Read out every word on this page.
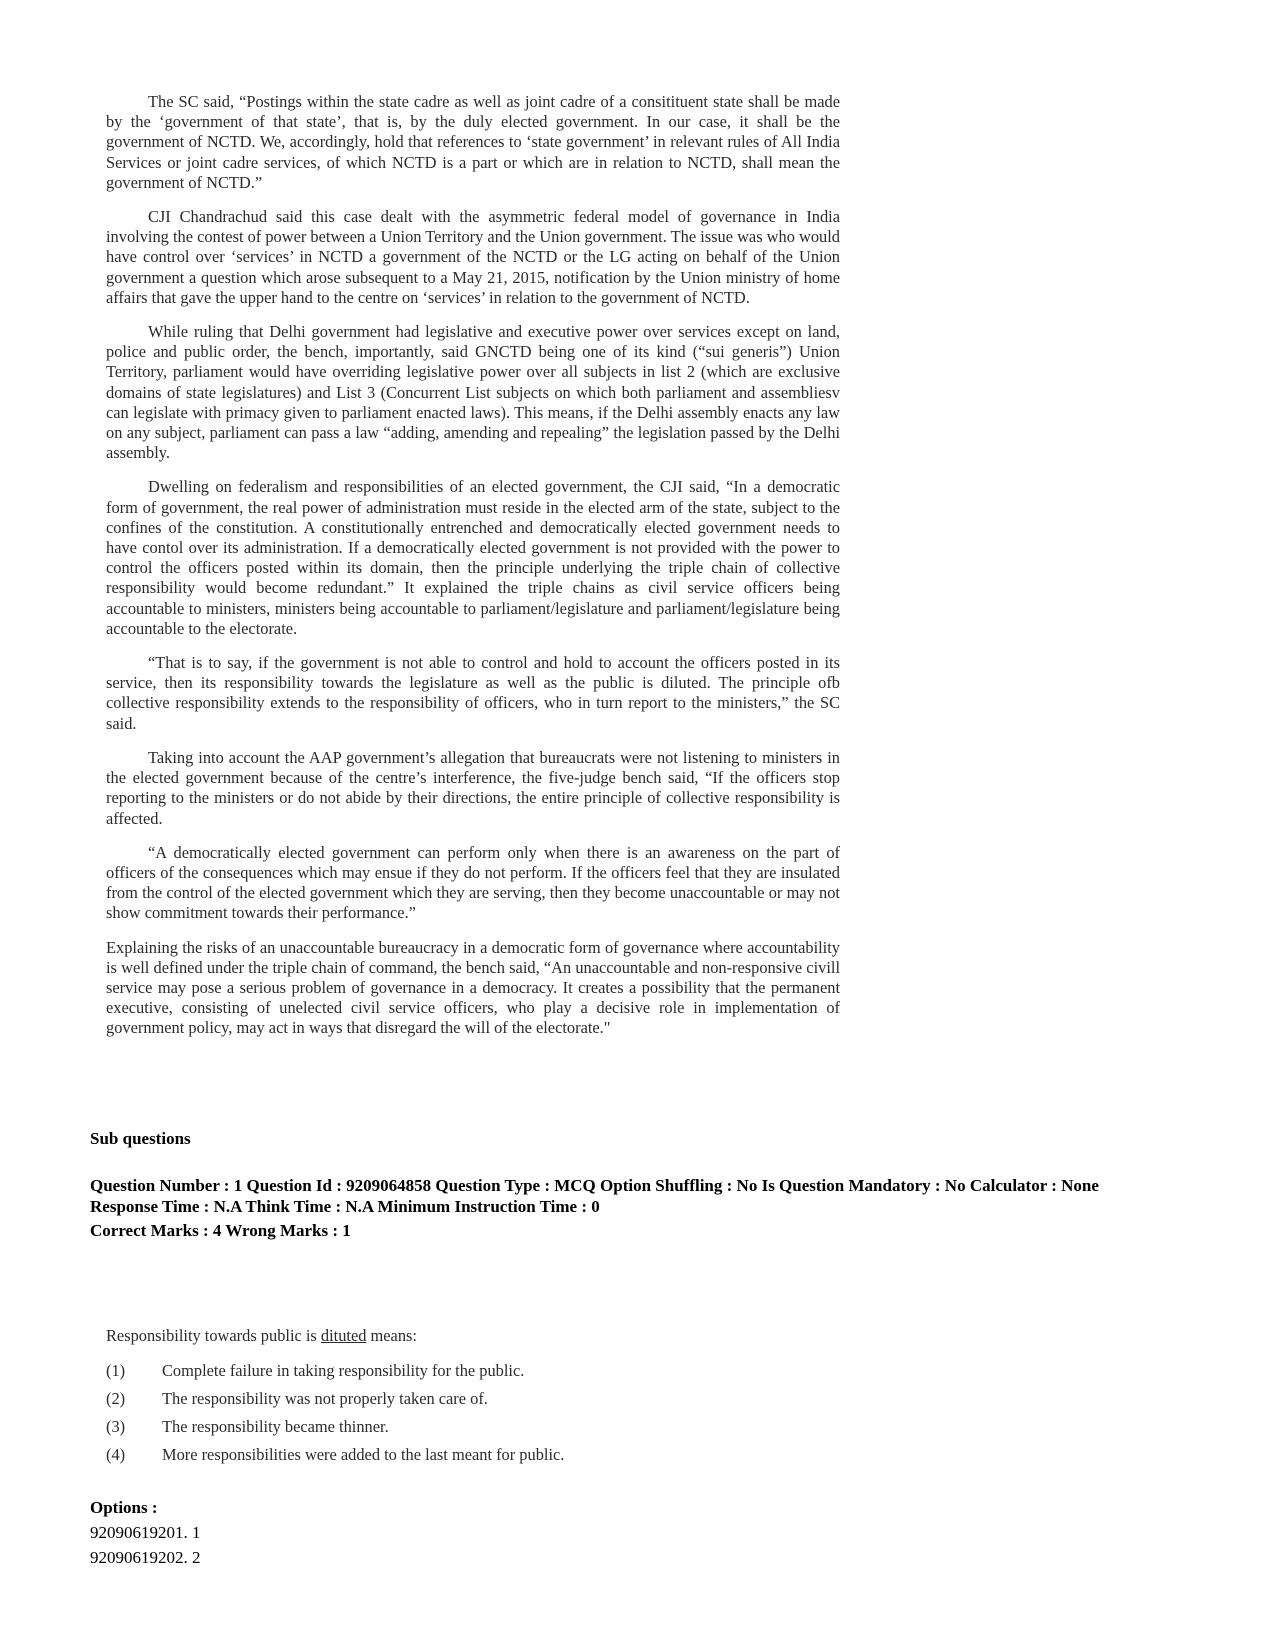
The SC said, “Postings within the state cadre as well as joint cadre of a consitituent state shall be made by the ‘government of that state’, that is, by the duly elected government. In our case, it shall be the government of NCTD. We, accordingly, hold that references to ‘state government’ in relevant rules of All India Services or joint cadre services, of which NCTD is a part or which are in relation to NCTD, shall mean the government of NCTD.”

CJI Chandrachud said this case dealt with the asymmetric federal model of governance in India involving the contest of power between a Union Territory and the Union government. The issue was who would have control over ‘services’ in NCTD a government of the NCTD or the LG acting on behalf of the Union government a question which arose subsequent to a May 21, 2015, notification by the Union ministry of home affairs that gave the upper hand to the centre on ‘services’ in relation to the government of NCTD.

While ruling that Delhi government had legislative and executive power over services except on land, police and public order, the bench, importantly, said GNCTD being one of its kind (“sui generis”) Union Territory, parliament would have overriding legislative power over all subjects in list 2 (which are exclusive domains of state legislatures) and List 3 (Concurrent List subjects on which both parliament and assembliesv can legislate with primacy given to parliament enacted laws). This means, if the Delhi assembly enacts any law on any subject, parliament can pass a law “adding, amending and repealing” the legislation passed by the Delhi assembly.

Dwelling on federalism and responsibilities of an elected government, the CJI said, “In a democratic form of government, the real power of administration must reside in the elected arm of the state, subject to the confines of the constitution. A constitutionally entrenched and democratically elected government needs to have contol over its administration. If a democratically elected government is not provided with the power to control the officers posted within its domain, then the principle underlying the triple chain of collective responsibility would become redundant.” It explained the triple chains as civil service officers being accountable to ministers, ministers being accountable to parliament/legislature and parliament/legislature being accountable to the electorate.

“That is to say, if the government is not able to control and hold to account the officers posted in its service, then its responsibility towards the legislature as well as the public is diluted. The principle ofb collective responsibility extends to the responsibility of officers, who in turn report to the ministers,” the SC said.

Taking into account the AAP government’s allegation that bureaucrats were not listening to ministers in the elected government because of the centre’s interference, the five-judge bench said, “If the officers stop reporting to the ministers or do not abide by their directions, the entire principle of collective responsibility is affected.

“A democratically elected government can perform only when there is an awareness on the part of officers of the consequences which may ensue if they do not perform. If the officers feel that they are insulated from the control of the elected government which they are serving, then they become unaccountable or may not show commitment towards their performance.”

Explaining the risks of an unaccountable bureaucracy in a democratic form of governance where accountability is well defined under the triple chain of command, the bench said, “An unaccountable and non-responsive civill service may pose a serious problem of governance in a democracy. It creates a possibility that the permanent executive, consisting of unelected civil service officers, who play a decisive role in implementation of government policy, may act in ways that disregard the will of the electorate."

Sub questions
Question Number : 1 Question Id : 9209064858 Question Type : MCQ Option Shuffling : No Is Question Mandatory : No Calculator : None
Response Time : N.A Think Time : N.A Minimum Instruction Time : 0
Correct Marks : 4 Wrong Marks : 1
Responsibility towards public is dituted means:
(1)	Complete failure in taking responsibility for the public.
(2)	The responsibility was not properly taken care of.
(3)	The responsibility became thinner.
(4)	More responsibilities were added to the last meant for public.
Options :
92090619201. 1
92090619202. 2
